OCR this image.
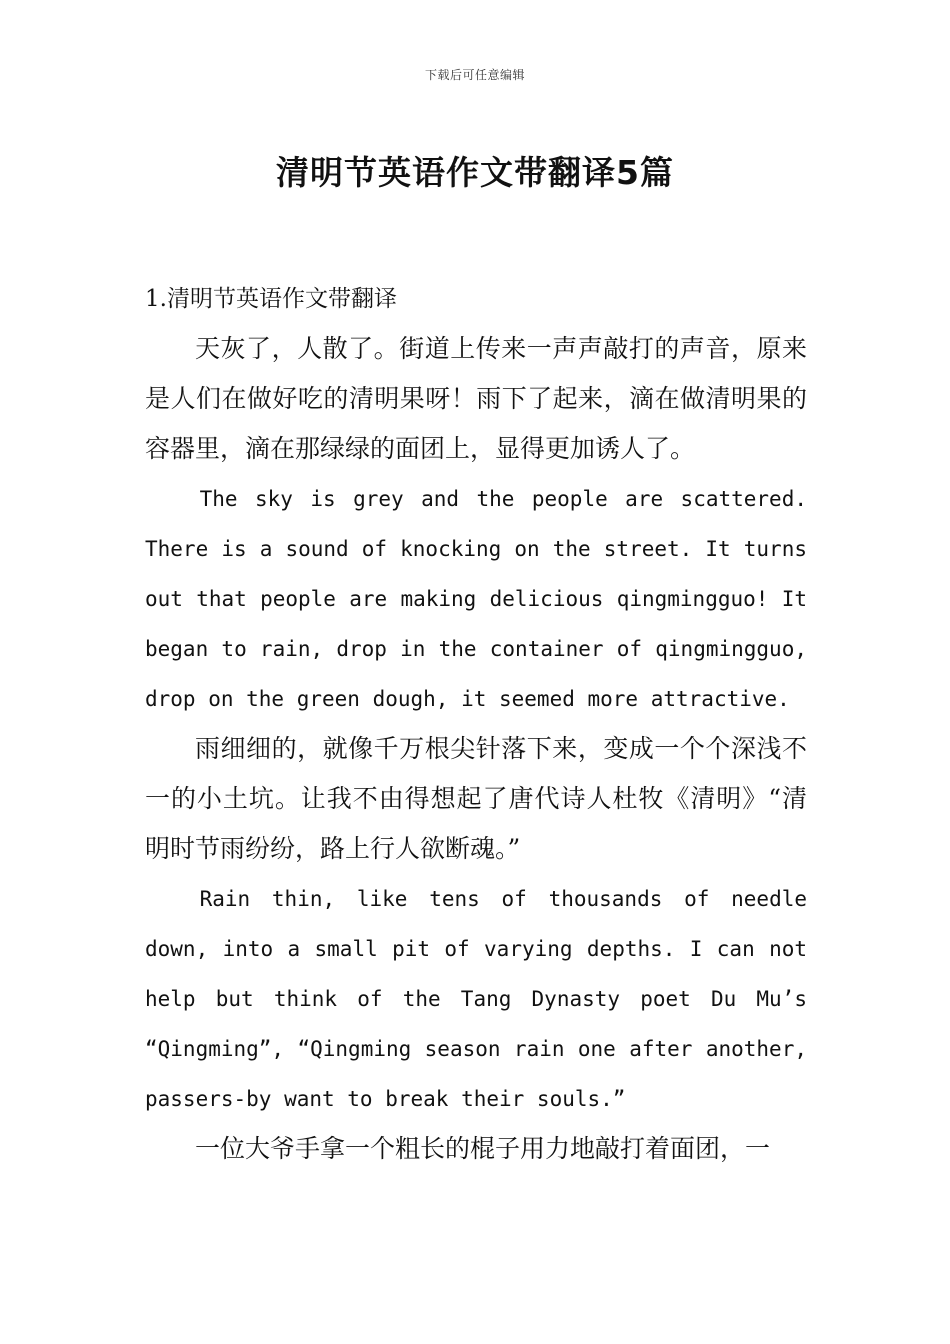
下载后可任意编辑
清明节英语作文带翻译5篇

1.清明节英语作文带翻译

天灰了，人散了。街道上传来一声声敲打的声音，原来是人们在做好吃的清明果呀！雨下了起来，滴在做清明果的容器里，滴在那绿绿的面团上，显得更加诱人了。

The sky is grey and the people are scattered. There is a sound of knocking on the street. It turns out that people are making delicious qingmingguo! It began to rain, drop in the container of qingmingguo, drop on the green dough, it seemed more attractive.

雨细细的，就像千万根尖针落下来，变成一个个深浅不一的小土坑。让我不由得想起了唐代诗人杜牧《清明》“清明时节雨纷纷，路上行人欲断魂。”

Rain thin, like tens of thousands of needle down, into a small pit of varying depths. I can not help but think of the Tang Dynasty poet Du Mu’s “Qingming”, “Qingming season rain one after another, passers-by want to break their souls.”

一位大爷手拿一个粗长的棍子用力地敲打着面团，一
